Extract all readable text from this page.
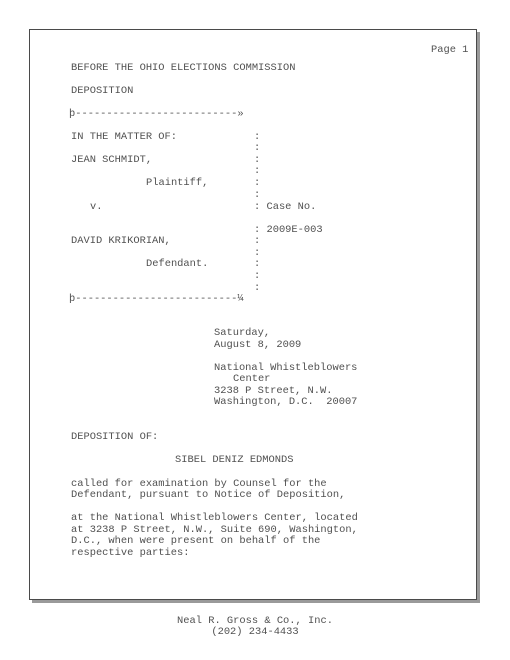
Page 1

BEFORE THE OHIO ELECTIONS COMMISSION

DEPOSITION

þ--------------------------»

IN THE MATTER OF:

JEAN SCHMIDT,

Plaintiff,

v.

DAVID KRIKORIAN,

Defendant.

:

:

:

:

:

:

: Case No.

: 2009E-003

:

:

:

:

:

þ--------------------------¼

Saturday,

August 8, 2009

National Whistleblowers

Center

3238 P Street, N.W.

Washington, D.C.  20007

DEPOSITION OF:

SIBEL DENIZ EDMONDS

called for examination by Counsel for the

Defendant, pursuant to Notice of Deposition,

at the National Whistleblowers Center, located

at 3238 P Street, N.W., Suite 690, Washington,

D.C., when were present on behalf of the

respective parties:

Neal R. Gross & Co., Inc.

(202) 234-4433
